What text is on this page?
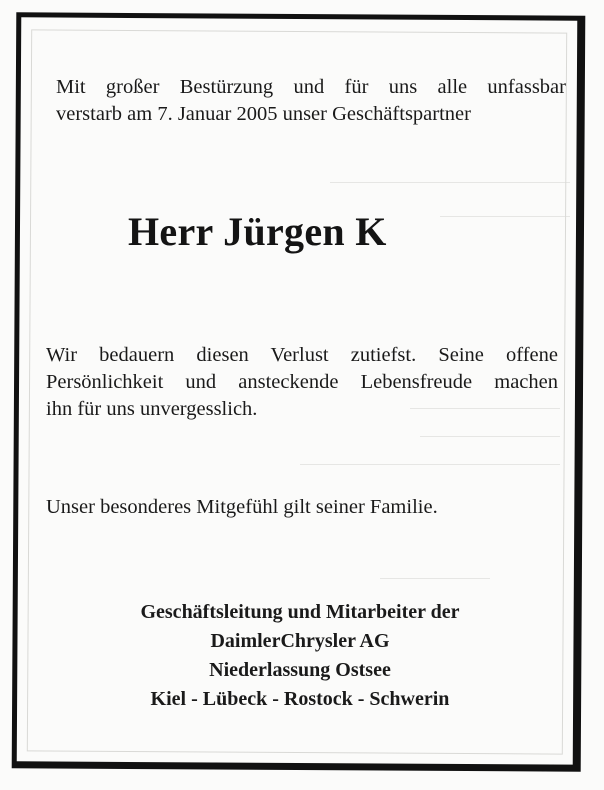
Mit großer Bestürzung und für uns alle unfassbar
verstarb am 7. Januar 2005 unser Geschäftspartner

Herr Jürgen K

Wir bedauern diesen Verlust zutiefst. Seine offene
Persönlichkeit und ansteckende Lebensfreude machen
ihn für uns unvergesslich.

Unser besonderes Mitgefühl gilt seiner Familie.

Geschäftsleitung und Mitarbeiter der
DaimlerChrysler AG
Niederlassung Ostsee
Kiel - Lübeck - Rostock - Schwerin
